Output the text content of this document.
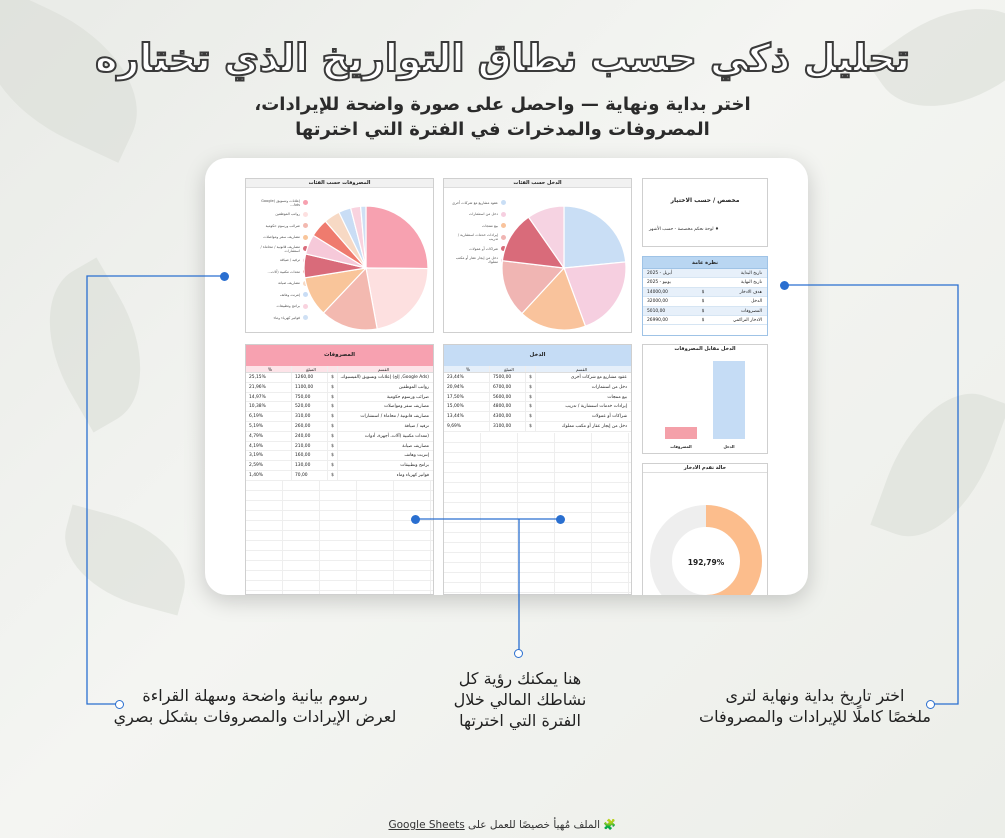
تحليل ذكي حسب نطاق التواريخ الذي تختاره
اختر بداية ونهاية — واحصل على صورة واضحة للإيرادات،
المصروفات والمدخرات في الفترة التي اخترتها
المصروفات حسب الفئات
إعلانات وتسويق (Google Ads...
رواتب الموظفين
ضرائب ورسوم حكومية
مصاريف سفر ومواصلات
مصاريف قانونية / محاماة / استشارات
ترفيه / ضيافة
معدات مكتبية (آلات...
مصاريف صيانة
إنترنت وهاتف
برامج وتطبيقات
فواتير كهرباء وماء
الدخل حسب الفئات
عقود مشاريع مع شركات أخرى
دخل من استثمارات
بيع منتجات
إيرادات خدمات استشارية / تدريب
شراكات أو عمولات
دخل من إيجار عقار أو مكتب مملوك
مخصص / حسب الاختيار
♦ لوحة تحكم مخصصة - حسب الأشهر
نظرة عامة
تاريخ البداية
أبريل - 2025
تاريخ النهاية
يونيو - 2025
هدف الادخار
$
14000,00
الدخل
$
32000,00
المصروفات
$
5010,00
الادخار التراكمي
$
26990,00
المصروفات
القسم
المبلغ
%
(Google Ads, إلخ) إعلانات وتسويق (الفيسبوك،
$
1260,00
25,15%
رواتب الموظفين
$
1100,00
21,96%
ضرائب ورسوم حكومية
$
750,00
14,97%
مصاريف سفر ومواصلات
$
520,00
10,38%
مصاريف قانونية / محاماة / استشارات
$
310,00
6,19%
ترفيه / ضيافة
$
260,00
5,19%
(معدات مكتبية (آلات، أجهزة، أدوات
$
240,00
4,79%
مصاريف صيانة
$
210,00
4,19%
إنترنت وهاتف
$
160,00
3,19%
برامج وتطبيقات
$
130,00
2,59%
فواتير كهرباء وماء
$
70,00
1,40%
الدخل
القسم
المبلغ
%
عقود مشاريع مع شركات أخرى
$
7500,00
23,44%
دخل من استثمارات
$
6700,00
20,94%
بيع منتجات
$
5600,00
17,50%
إيرادات خدمات استشارية / تدريب
$
4800,00
15,00%
شراكات أو عمولات
$
4300,00
13,44%
دخل من إيجار عقار أو مكتب مملوك
$
3100,00
9,69%
الدخل مقابل المصروفات
المصروفات	الدخل
حالة تقدم الادخار
192,79%
رسوم بيانية واضحة وسهلة القراءة
لعرض الإيرادات والمصروفات بشكل بصري
هنا يمكنك رؤية كل
نشاطك المالي خلال
الفترة التي اخترتها
اختر تاريخ بداية ونهاية لترى
ملخصًا كاملًا للإيرادات والمصروفات
🧩 الملف مُهيأ خصيصًا للعمل على Google Sheets
